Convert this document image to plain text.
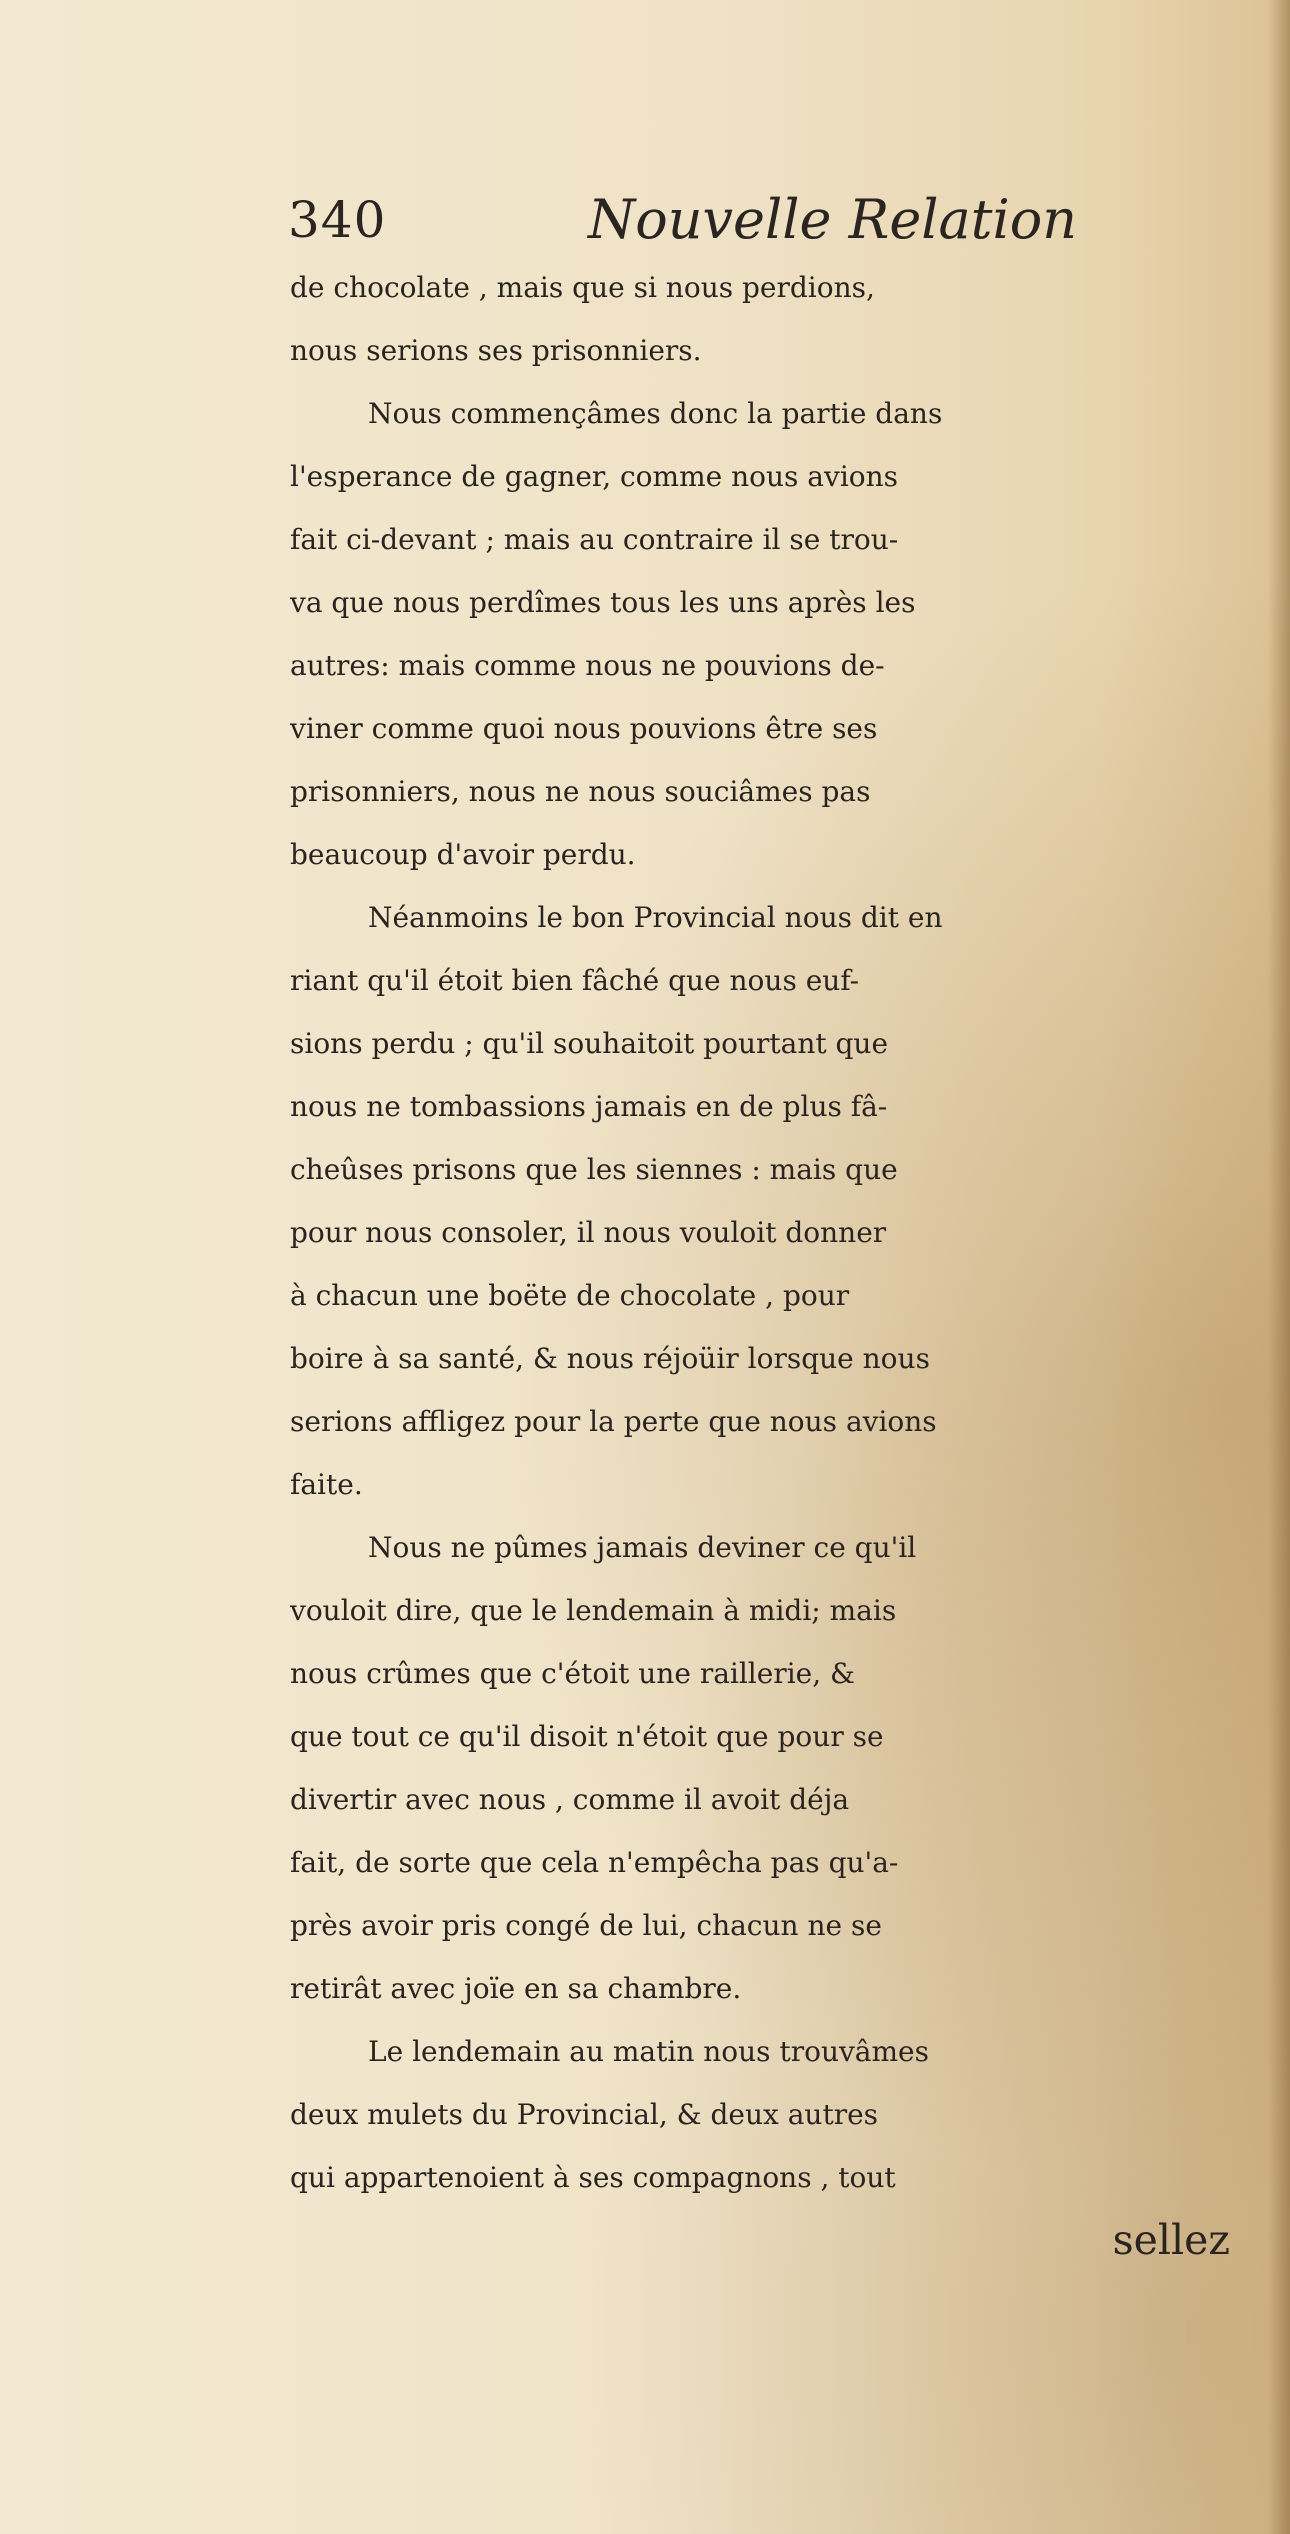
340	Nouvelle Relation
de chocolate , mais que si nous perdions,
nous serions ses prisonniers.
Nous commençâmes donc la partie dans
l'esperance de gagner, comme nous avions
fait ci-devant ; mais au contraire il se trou-
va que nous perdîmes tous les uns après les
autres: mais comme nous ne pouvions de-
viner comme quoi nous pouvions être ses
prisonniers, nous ne nous souciâmes pas
beaucoup d'avoir perdu.
Néanmoins le bon Provincial nous dit en
riant qu'il étoit bien fâché que nous euf-
sions perdu ; qu'il souhaitoit pourtant que
nous ne tombassions jamais en de plus fâ-
cheûses prisons que les siennes : mais que
pour nous consoler, il nous vouloit donner
à chacun une boëte de chocolate , pour
boire à sa santé, & nous réjoüir lorsque nous
serions affligez pour la perte que nous avions
faite.
Nous ne pûmes jamais deviner ce qu'il
vouloit dire, que le lendemain à midi; mais
nous crûmes que c'étoit une raillerie, &
que tout ce qu'il disoit n'étoit que pour se
divertir avec nous , comme il avoit déja
fait, de sorte que cela n'empêcha pas qu'a-
près avoir pris congé de lui, chacun ne se
retirât avec joïe en sa chambre.
Le lendemain au matin nous trouvâmes
deux mulets du Provincial, & deux autres
qui appartenoient à ses compagnons , tout
sellez
